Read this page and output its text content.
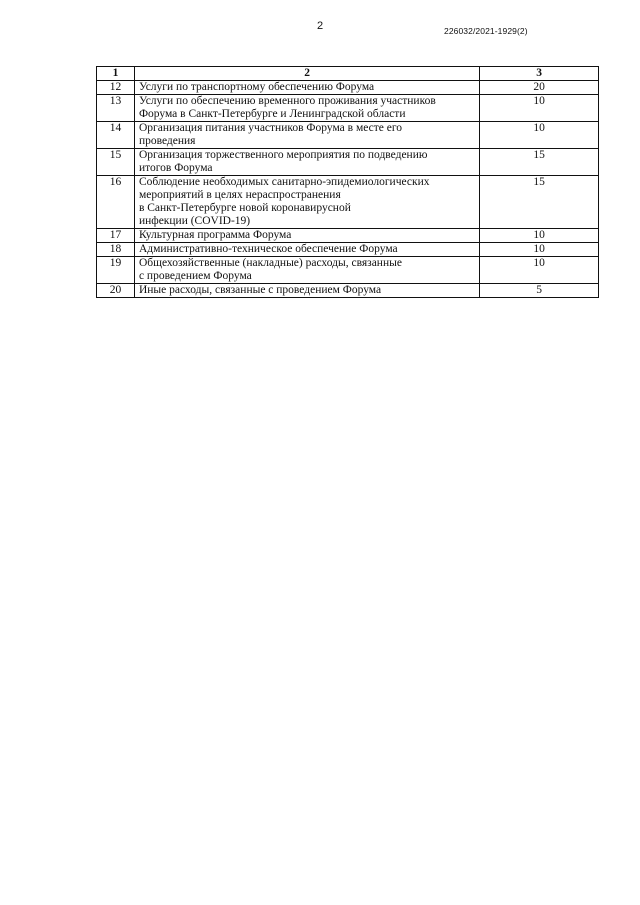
2	226032/2021-1929(2)
1	2	3
12	Услуги по транспортному обеспечению Форума	20
13	Услуги по обеспечению временного проживания участников
Форума в Санкт-Петербурге и Ленинградской области	10
14	Организация питания участников Форума в месте его
проведения	10
15	Организация торжественного мероприятия по подведению
итогов Форума	15
16	Соблюдение необходимых санитарно-эпидемиологических
мероприятий в целях нераспространения
в Санкт-Петербурге новой коронавирусной
инфекции (COVID-19)	15
17	Культурная программа Форума	10
18	Административно-техническое обеспечение Форума	10
19	Общехозяйственные (накладные) расходы, связанные
с проведением Форума	10
20	Иные расходы, связанные с проведением Форума	5
